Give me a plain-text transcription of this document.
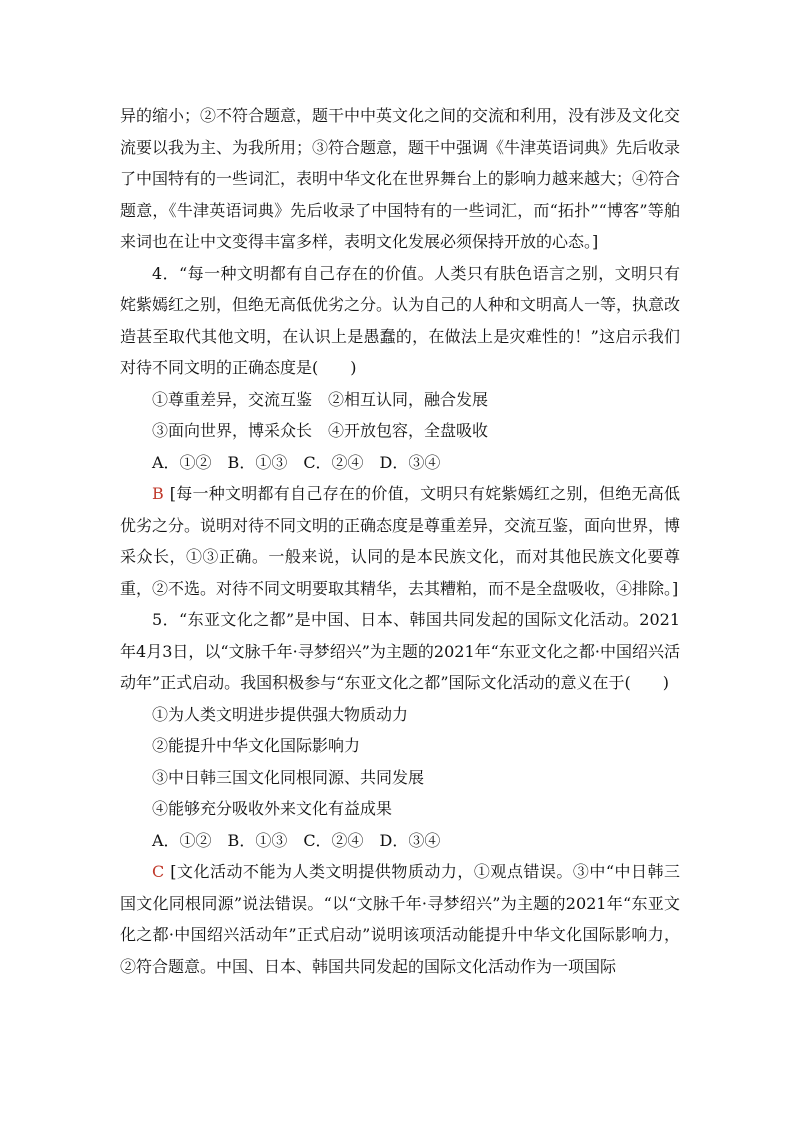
异的缩小；②不符合题意，题干中中英文化之间的交流和利用，没有涉及文化交流要以我为主、为我所用；③符合题意，题干中强调《牛津英语词典》先后收录了中国特有的一些词汇，表明中华文化在世界舞台上的影响力越来越大；④符合题意，《牛津英语词典》先后收录了中国特有的一些词汇，而“拓扑”“博客”等舶来词也在让中文变得丰富多样，表明文化发展必须保持开放的心态。]

4．“每一种文明都有自己存在的价值。人类只有肤色语言之别，文明只有姹紫嫣红之别，但绝无高低优劣之分。认为自己的人种和文明高人一等，执意改造甚至取代其他文明，在认识上是愚蠢的，在做法上是灾难性的！”这启示我们对待不同文明的正确态度是(　　)

①尊重差异，交流互鉴　②相互认同，融合发展

③面向世界，博采众长　④开放包容，全盘吸收

A．①②　B．①③　C．②④　D．③④

B [每一种文明都有自己存在的价值，文明只有姹紫嫣红之别，但绝无高低优劣之分。说明对待不同文明的正确态度是尊重差异，交流互鉴，面向世界，博采众长，①③正确。一般来说，认同的是本民族文化，而对其他民族文化要尊重，②不选。对待不同文明要取其精华，去其糟粕，而不是全盘吸收，④排除。]

5．“东亚文化之都”是中国、日本、韩国共同发起的国际文化活动。2021年4月3日，以“文脉千年·寻梦绍兴”为主题的2021年“东亚文化之都·中国绍兴活动年”正式启动。我国积极参与“东亚文化之都”国际文化活动的意义在于(　　)

①为人类文明进步提供强大物质动力

②能提升中华文化国际影响力

③中日韩三国文化同根同源、共同发展

④能够充分吸收外来文化有益成果

A．①②　B．①③　C．②④　D．③④

C [文化活动不能为人类文明提供物质动力，①观点错误。③中“中日韩三国文化同根同源”说法错误。“以“文脉千年·寻梦绍兴”为主题的2021年“东亚文化之都·中国绍兴活动年”正式启动”说明该项活动能提升中华文化国际影响力，②符合题意。中国、日本、韩国共同发起的国际文化活动作为一项国际
